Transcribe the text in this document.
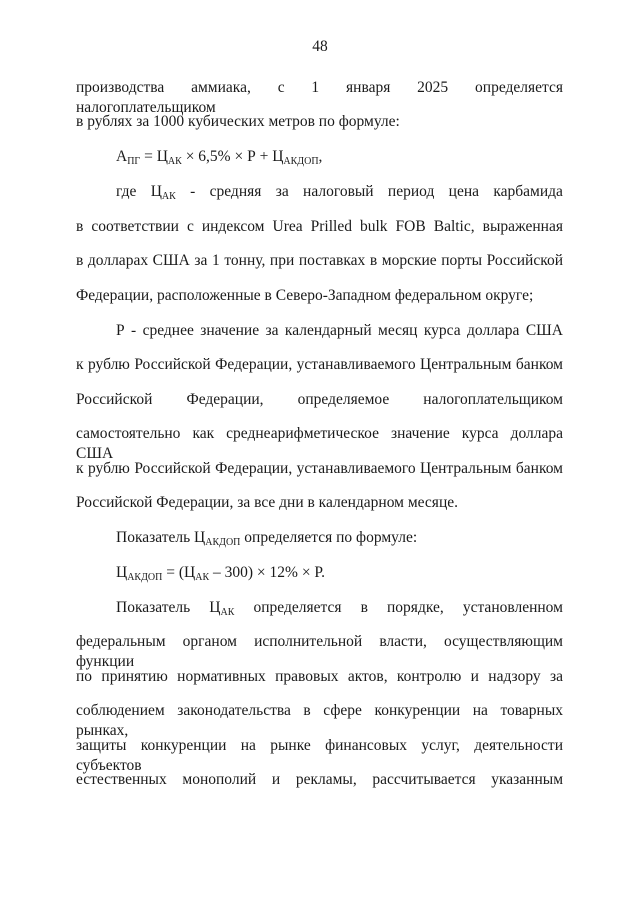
48
производства аммиака, с 1 января 2025 определяется налогоплательщиком
в рублях за 1000 кубических метров по формуле:
$А_{ПГ} = Ц_{АК} \times 6,5\% \times Р + Ц_{АКДОП}$,
где $Ц_{АК}$ - средняя за налоговый период цена карбамида
в соответствии с индексом Urea Prilled bulk FOB Baltic, выраженная
в долларах США за 1 тонну, при поставках в морские порты Российской
Федерации, расположенные в Северо-Западном федеральном округе;
Р - среднее значение за календарный месяц курса доллара США
к рублю Российской Федерации, устанавливаемого Центральным банком
Российской Федерации, определяемое налогоплательщиком
самостоятельно как среднеарифметическое значение курса доллара США
к рублю Российской Федерации, устанавливаемого Центральным банком
Российской Федерации, за все дни в календарном месяце.
Показатель $Ц_{АКДОП}$ определяется по формуле:
$Ц_{АКДОП} = (Ц_{АК} - 300) \times 12\% \times Р$.
Показатель $Ц_{АК}$ определяется в порядке, установленном
федеральным органом исполнительной власти, осуществляющим функции
по принятию нормативных правовых актов, контролю и надзору за
соблюдением законодательства в сфере конкуренции на товарных рынках,
защиты конкуренции на рынке финансовых услуг, деятельности субъектов
естественных монополий и рекламы, рассчитывается указанным
